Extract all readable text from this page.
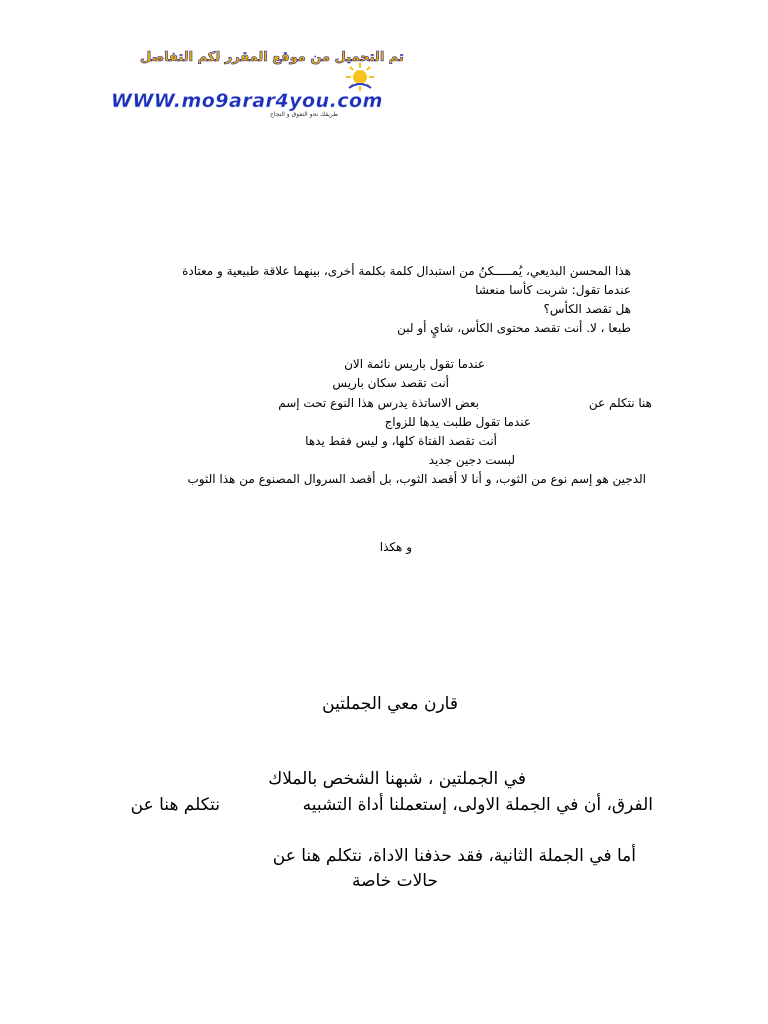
تم التحميل من موقع المقرر لكم التفاصل
WWW.mo9arar4you.com
طريقك نحو التفوق و النجاح
هذا المحسن البديعي، يُمـــــكنُ من استبدال كلمة بكلمة أخرى، بينهما علاقة طبيعية و معتادة
عندما تقول: شربت كأسا منعشا
هل تقصد الكأس؟
طبعا ، لا. أنت تقصد محتوى الكأس، شايٍ أو لبن
عندما تقول باريس نائمة الان
أنت تقصد سكان باريس
بعض الاساتذة يدرس هذا النوع تحت إسم	هنا نتكلم عن
عندما تقول طلبت يدها للزواج
أنت تقصد الفتاة كلها، و ليس فقط يدها
لبست دجين جديد
الدجين هو إسم نوع من الثوب، و أنا لا أقصد الثوب، بل أقصد السروال المصنوع من هذا الثوب
و هكذا
قارن معي الجملتين
في الجملتين ، شبهنا الشخص بالملاك
الفرق، أن في الجملة الاولى، إستعملنا أداة التشبيه
نتكلم هنا عن
أما في الجملة الثانية، فقد حذفنا الاداة، نتكلم هنا عن
حالات خاصة
